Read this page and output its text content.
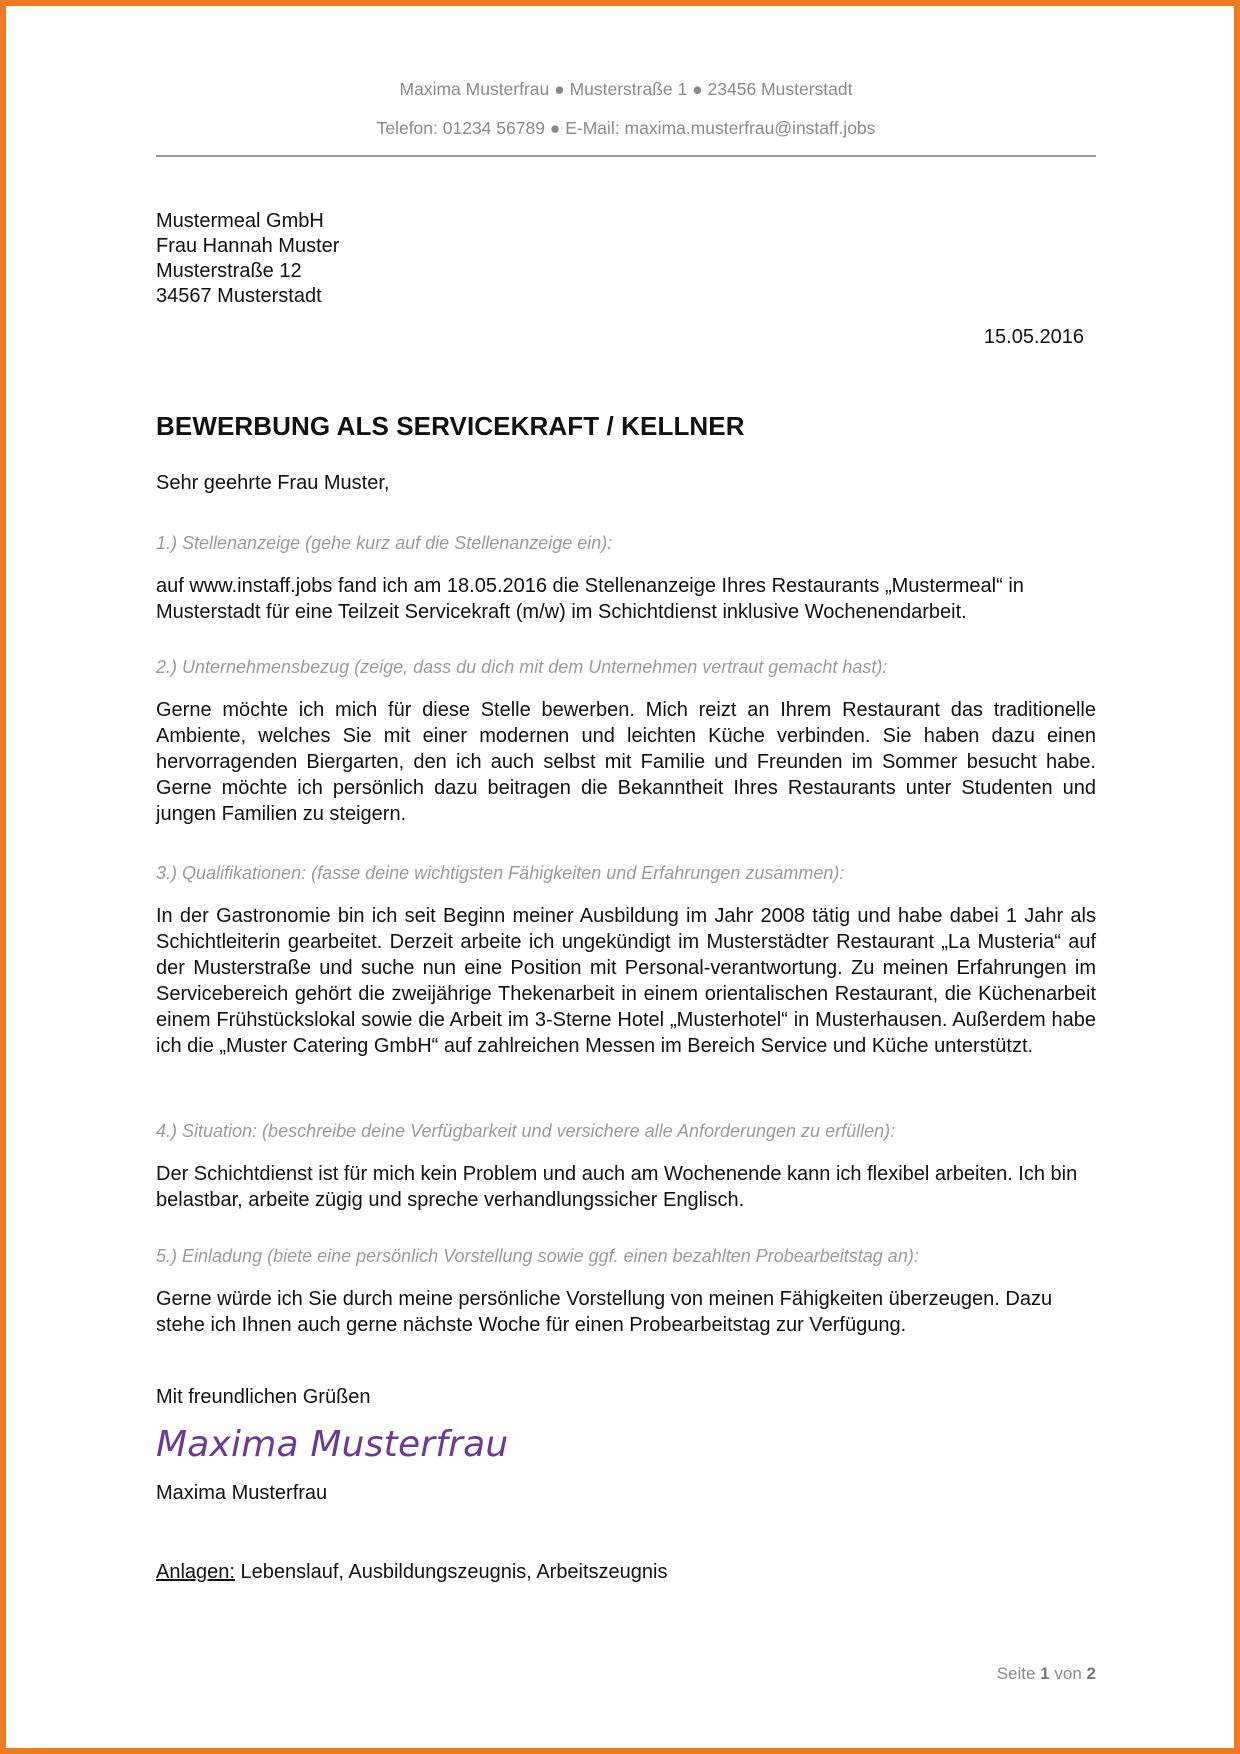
Maxima Musterfrau ● Musterstraße 1 ● 23456 Musterstadt
Telefon: 01234 56789 ● E-Mail: maxima.musterfrau@instaff.jobs
Mustermeal GmbH
Frau Hannah Muster
Musterstraße 12
34567 Musterstadt
15.05.2016
BEWERBUNG ALS SERVICEKRAFT / KELLNER
Sehr geehrte Frau Muster,
1.) Stellenanzeige (gehe kurz auf die Stellenanzeige ein):
auf www.instaff.jobs fand ich am 18.05.2016 die Stellenanzeige Ihres Restaurants „Mustermeal“ in Musterstadt für eine Teilzeit Servicekraft (m/w) im Schichtdienst inklusive Wochenendarbeit.
2.) Unternehmensbezug (zeige, dass du dich mit dem Unternehmen vertraut gemacht hast):
Gerne möchte ich mich für diese Stelle bewerben. Mich reizt an Ihrem Restaurant das traditionelle Ambiente, welches Sie mit einer modernen und leichten Küche verbinden. Sie haben dazu einen hervorragenden Biergarten, den ich auch selbst mit Familie und Freunden im Sommer besucht habe. Gerne möchte ich persönlich dazu beitragen die Bekanntheit Ihres Restaurants unter Studenten und jungen Familien zu steigern.
3.) Qualifikationen: (fasse deine wichtigsten Fähigkeiten und Erfahrungen zusammen):
In der Gastronomie bin ich seit Beginn meiner Ausbildung im Jahr 2008 tätig und habe dabei 1 Jahr als Schichtleiterin gearbeitet. Derzeit arbeite ich ungekündigt im Musterstädter Restaurant „La Musteria“ auf der Musterstraße und suche nun eine Position mit Personal-verantwortung. Zu meinen Erfahrungen im Servicebereich gehört die zweijährige Thekenarbeit in einem orientalischen Restaurant, die Küchenarbeit einem Frühstückslokal sowie die Arbeit im 3-Sterne Hotel „Musterhotel“ in Musterhausen. Außerdem habe ich die „Muster Catering GmbH“ auf zahlreichen Messen im Bereich Service und Küche unterstützt.
4.) Situation: (beschreibe deine Verfügbarkeit und versichere alle Anforderungen zu erfüllen):
Der Schichtdienst ist für mich kein Problem und auch am Wochenende kann ich flexibel arbeiten. Ich bin belastbar, arbeite zügig und spreche verhandlungssicher Englisch.
5.) Einladung (biete eine persönlich Vorstellung sowie ggf. einen bezahlten Probearbeitstag an):
Gerne würde ich Sie durch meine persönliche Vorstellung von meinen Fähigkeiten überzeugen. Dazu stehe ich Ihnen auch gerne nächste Woche für einen Probearbeitstag zur Verfügung.
Mit freundlichen Grüßen
Maxima Musterfrau
Maxima Musterfrau
Anlagen: Lebenslauf, Ausbildungszeugnis, Arbeitszeugnis
Seite 1 von 2
